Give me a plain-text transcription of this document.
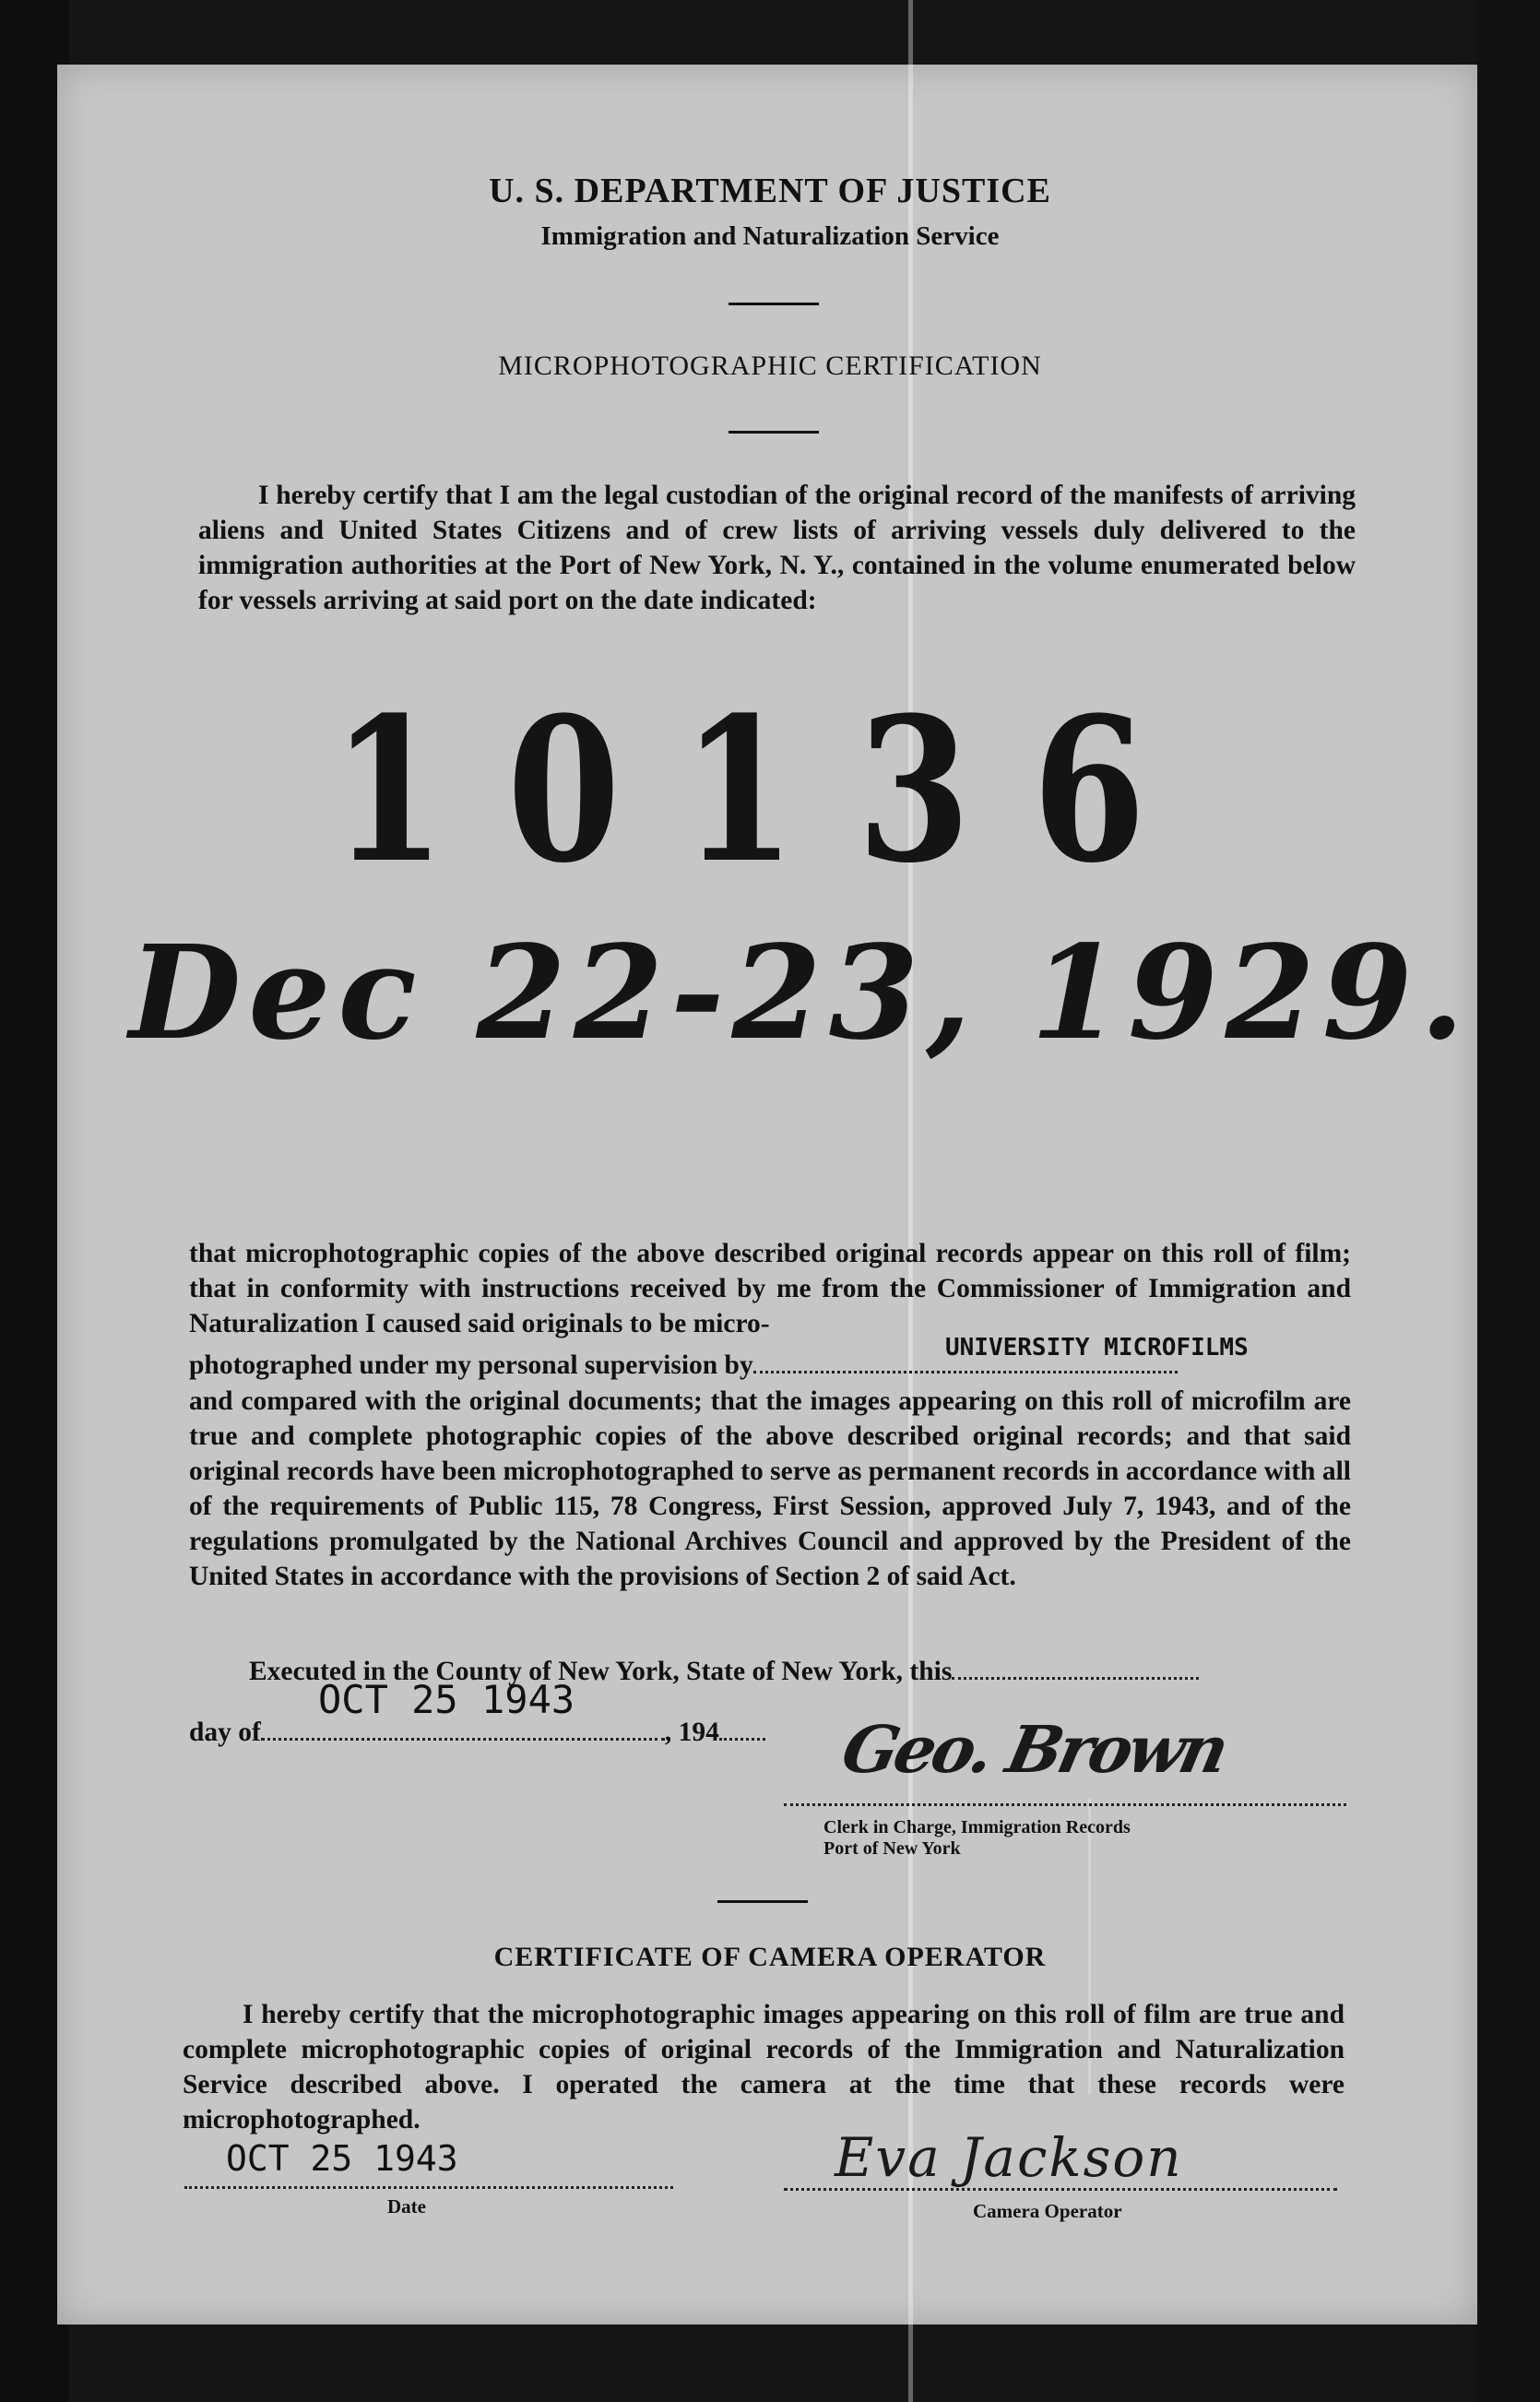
U. S. DEPARTMENT OF JUSTICE
Immigration and Naturalization Service
MICROPHOTOGRAPHIC CERTIFICATION

I hereby certify that I am the legal custodian of the original record of the manifests of arriving aliens and United States Citizens and of crew lists of arriving vessels duly delivered to the immigration authorities at the Port of New York, N. Y., contained in the volume enumerated below for vessels arriving at said port on the date indicated:

10136
Dec 22-23, 1929.

that microphotographic copies of the above described original records appear on this roll of film; that in conformity with instructions received by me from the Commissioner of Immigration and Naturalization I caused said originals to be micro-

photographed under my personal supervision by
UNIVERSITY MICROFILMS

and compared with the original documents; that the images appearing on this roll of microfilm are true and complete photographic copies of the above described original records; and that said original records have been microphotographed to serve as permanent records in accordance with all of the requirements of Public 115, 78 Congress, First Session, approved July 7, 1943, and of the regulations promulgated by the National Archives Council and approved by the President of the United States in accordance with the provisions of Section 2 of said Act.

Executed in the County of New York, State of New York, this
day of	, 194
OCT 25 1943
Geo. Brown
Clerk in Charge, Immigration Records
Port of New York
CERTIFICATE OF CAMERA OPERATOR

I hereby certify that the microphotographic images appearing on this roll of film are true and complete microphotographic copies of original records of the Immigration and Naturalization Service described above. I operated the camera at the time that these records were microphotographed.

OCT 25 1943
Date
Eva Jackson
Camera Operator
